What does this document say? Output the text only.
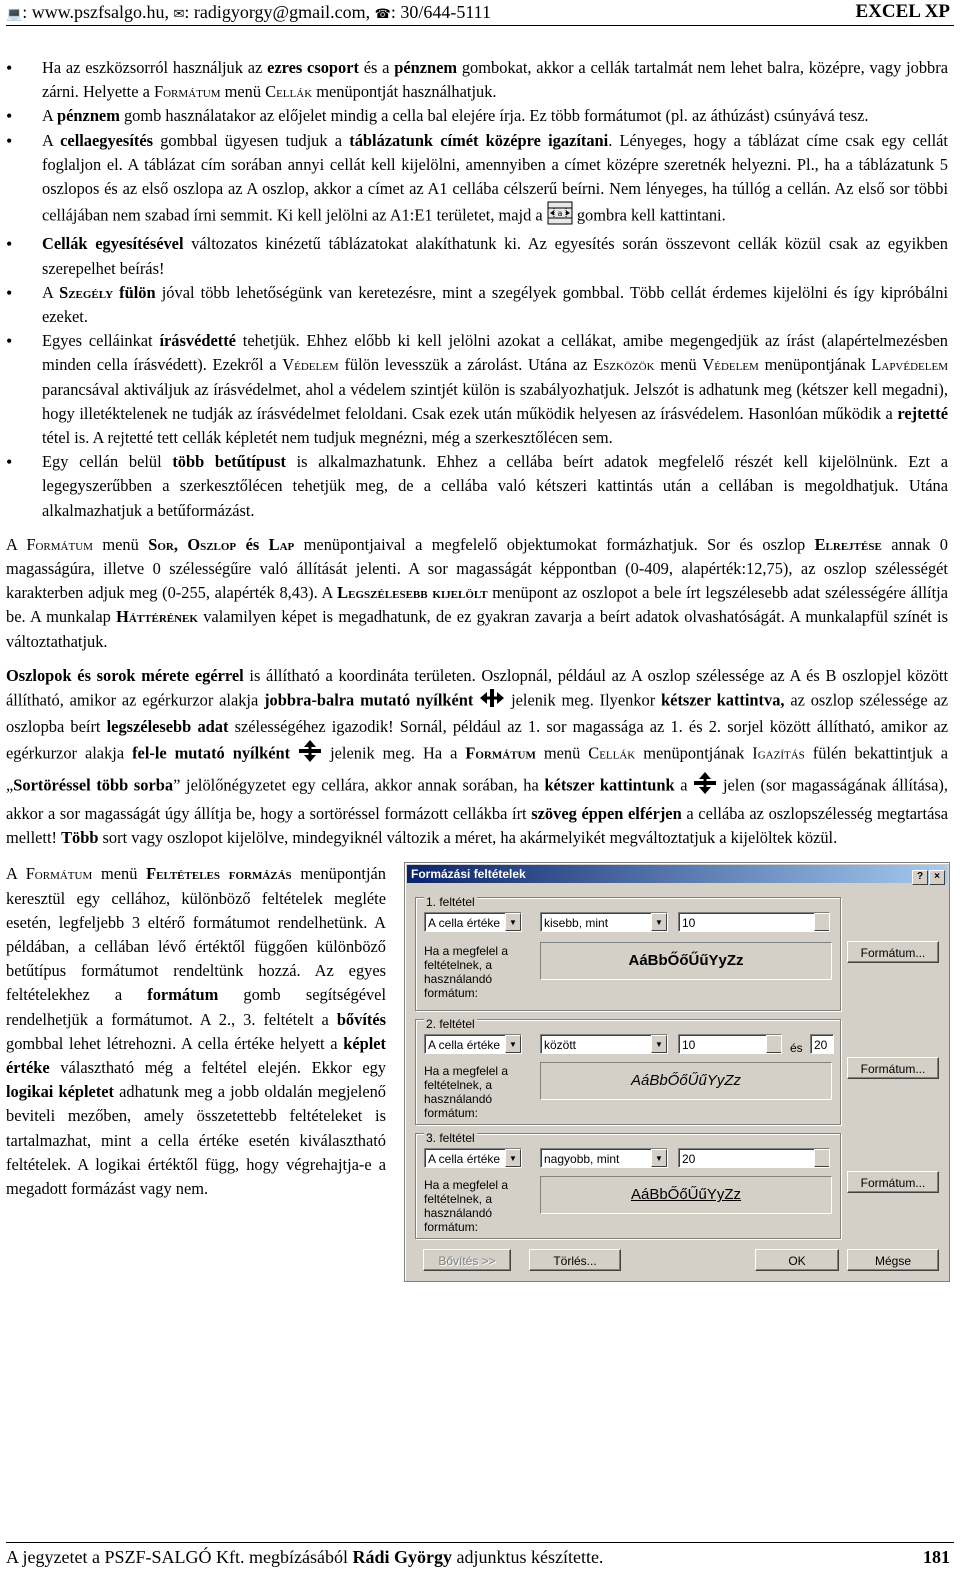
💻: www.pszfsalgo.hu, ✉: radigyorgy@gmail.com, ☎: 30/644-5111	EXCEL XP
• Ha az eszközsorról használjuk az ezres csoport és a pénznem gombokat, akkor a cellák tartalmát nem lehet balra, középre, vagy jobbra zárni. Helyette a Formátum menü Cellák menüpontját használhatjuk.
• A pénznem gomb használatakor az előjelet mindig a cella bal elejére írja. Ez több formátumot (pl. az áthúzást) csúnyává tesz.
• A cellaegyesítés gombbal ügyesen tudjuk a táblázatunk címét középre igazítani. Lényeges, hogy a táblázat címe csak egy cellát foglaljon el. A táblázat cím sorában annyi cellát kell kijelölni, amennyiben a címet középre szeretnék helyezni. Pl., ha a táblázatunk 5 oszlopos és az első oszlopa az A oszlop, akkor a címet az A1 cellába célszerű beírni. Nem lényeges, ha túllóg a cellán. Az első sor többi cellájában nem szabad írni semmit. Ki kell jelölni az A1:E1 területet, majd a a gombra kell kattintani.
• Cellák egyesítésével változatos kinézetű táblázatokat alakíthatunk ki. Az egyesítés során összevont cellák közül csak az egyikben szerepelhet beírás!
• A Szegély fülön jóval több lehetőségünk van keretezésre, mint a szegélyek gombbal. Több cellát érdemes kijelölni és így kipróbálni ezeket.
• Egyes celláinkat írásvédetté tehetjük. Ehhez előbb ki kell jelölni azokat a cellákat, amibe megengedjük az írást (alapértelmezésben minden cella írásvédett). Ezekről a Védelem fülön levesszük a zárolást. Utána az Eszközök menü Védelem menüpontjának Lapvédelem parancsával aktiváljuk az írásvédelmet, ahol a védelem szintjét külön is szabályozhatjuk. Jelszót is adhatunk meg (kétszer kell megadni), hogy illetéktelenek ne tudják az írásvédelmet feloldani. Csak ezek után működik helyesen az írásvédelem. Hasonlóan működik a rejtetté tétel is. A rejtetté tett cellák képletét nem tudjuk megnézni, még a szerkesztőlécen sem.
• Egy cellán belül több betűtípust is alkalmazhatunk. Ehhez a cellába beírt adatok megfelelő részét kell kijelölnünk. Ezt a legegyszerűbben a szerkesztőlécen tehetjük meg, de a cellába való kétszeri kattintás után a cellában is megoldhatjuk. Utána alkalmazhatjuk a betűformázást.

A Formátum menü Sor, Oszlop és Lap menüpontjaival a megfelelő objektumokat formázhatjuk. Sor és oszlop Elrejtése annak 0 magasságúra, illetve 0 szélességűre való állítását jelenti. A sor magasságát képpontban (0-409, alapérték:12,75), az oszlop szélességét karakterben adjuk meg (0-255, alapérték 8,43). A Legszélesebb kijelölt menüpont az oszlopot a bele írt legszélesebb adat szélességére állítja be. A munkalap Háttérének valamilyen képet is megadhatunk, de ez gyakran zavarja a beírt adatok olvashatóságát. A munkalapfül színét is változtathatjuk.

Oszlopok és sorok mérete egérrel is állítható a koordináta területen. Oszlopnál, például az A oszlop szélessége az A és B oszlopjel között állítható, amikor az egérkurzor alakja jobbra-balra mutató nyílként  jelenik meg. Ilyenkor kétszer kattintva, az oszlop szélessége az oszlopba beírt legszélesebb adat szélességéhez igazodik! Sornál, például az 1. sor magassága az 1. és 2. sorjel között állítható, amikor az egérkurzor alakja fel-le mutató nyílként  jelenik meg. Ha a Formátum menü Cellák menüpontjának Igazítás fülén bekattintjuk a „Sortöréssel több sorba” jelölőnégyzetet egy cellára, akkor annak sorában, ha kétszer kattintunk a  jelen (sor magasságának állítása), akkor a sor magasságát úgy állítja be, hogy a sortöréssel formázott cellákba írt szöveg éppen elférjen a cellába az oszlopszélesség megtartása mellett! Több sort vagy oszlopot kijelölve, mindegyiknél változik a méret, ha akármelyikét megváltoztatjuk a kijelöltek közül.

A Formátum menü Feltételes formázás menüpontján keresztül egy cellához, különböző feltételek megléte esetén, legfeljebb 3 eltérő formátumot rendelhetünk. A példában, a cellában lévő értéktől függően különböző betűtípus formátumot rendeltünk hozzá. Az egyes feltételekhez a formátum gomb segítségével rendelhetjük a formátumot. A 2., 3. feltételt a bővítés gombbal lehet létrehozni. A cella értéke helyett a képlet értéke választható még a feltétel elején. Ekkor egy logikai képletet adhatunk meg a jobb oldalán megjelenő beviteli mezőben, amely összetettebb feltételeket is tartalmazhat, mint a cella értéke esetén kiválasztható feltételek. A logikai értéktől függ, hogy végrehajtja-e a megadott formázást vagy nem.
Formázási feltételek	? ×
1. feltétel
A cella értéke ▼	kisebb, mint ▼	10
Ha a megfelel a feltételnek, a használandó formátum:
AáBbŐőŰűYyZz	Formátum...
2. feltétel
A cella értéke ▼	között ▼	10	és 20
Ha a megfelel a feltételnek, a használandó formátum:
AáBbŐőŰűYyZz
Formátum...
3. feltétel
A cella értéke ▼	nagyobb, mint ▼	20
Ha a megfelel a feltételnek, a használandó formátum:
AáBbŐőŰűYyZz
Formátum...
Bővítés >>	Törlés...	OK	Mégse
A jegyzetet a PSZF-SALGÓ Kft. megbízásából Rádi György adjunktus készítette.	181
